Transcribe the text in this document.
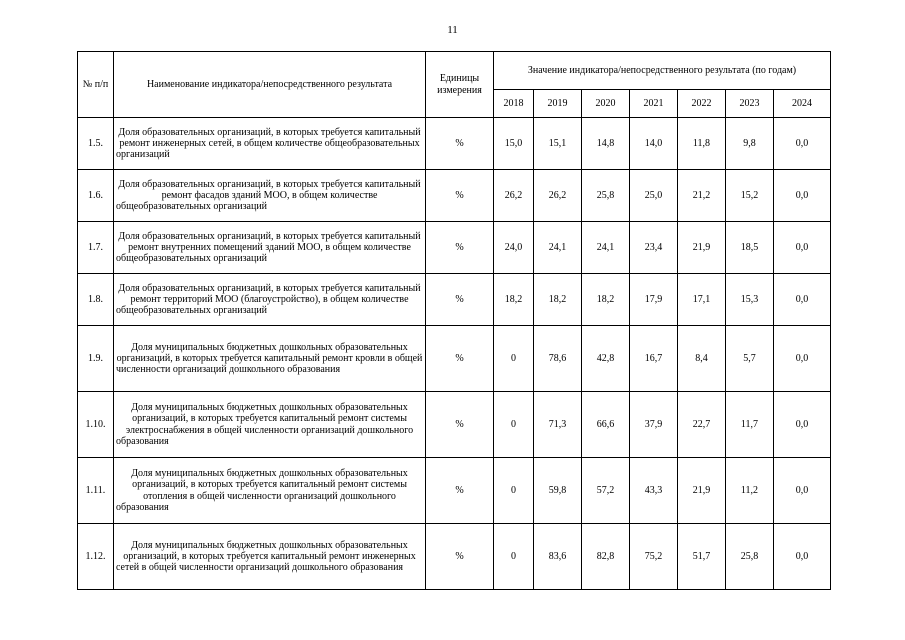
11
№ п/п	Наименование индикатора/непосредственного результата	Единицы измерения	Значение индикатора/непосредственного результата (по годам)						
			2018	2019	2020	2021	2022	2023	2024
1.5.	Доля образовательных организаций, в которых требуется капитальный ремонт инженерных сетей, в общем количестве общеобразовательных организаций	%	15,0	15,1	14,8	14,0	11,8	9,8	0,0
1.6.	Доля образовательных организаций, в которых требуется капитальный ремонт фасадов зданий МОО, в общем количестве общеобразовательных организаций	%	26,2	26,2	25,8	25,0	21,2	15,2	0,0
1.7.	Доля образовательных организаций, в которых требуется капитальный ремонт внутренних помещений зданий МОО, в общем количестве общеобразовательных организаций	%	24,0	24,1	24,1	23,4	21,9	18,5	0,0
1.8.	Доля образовательных организаций, в которых требуется капитальный ремонт территорий МОО (благоустройство), в общем количестве общеобразовательных организаций	%	18,2	18,2	18,2	17,9	17,1	15,3	0,0
1.9.	Доля муниципальных бюджетных дошкольных образовательных организаций, в которых требуется капитальный ремонт кровли в общей численности организаций дошкольного образования	%	0	78,6	42,8	16,7	8,4	5,7	0,0
1.10.	Доля муниципальных бюджетных дошкольных образовательных организаций, в которых требуется капитальный ремонт системы электроснабжения в общей численности организаций дошкольного образования	%	0	71,3	66,6	37,9	22,7	11,7	0,0
1.11.	Доля муниципальных бюджетных дошкольных образовательных организаций, в которых требуется капитальный ремонт системы отопления в общей численности организаций дошкольного образования	%	0	59,8	57,2	43,3	21,9	11,2	0,0
1.12.	Доля муниципальных бюджетных дошкольных образовательных организаций, в которых требуется капитальный ремонт инженерных сетей в общей численности организаций дошкольного образования	%	0	83,6	82,8	75,2	51,7	25,8	0,0
